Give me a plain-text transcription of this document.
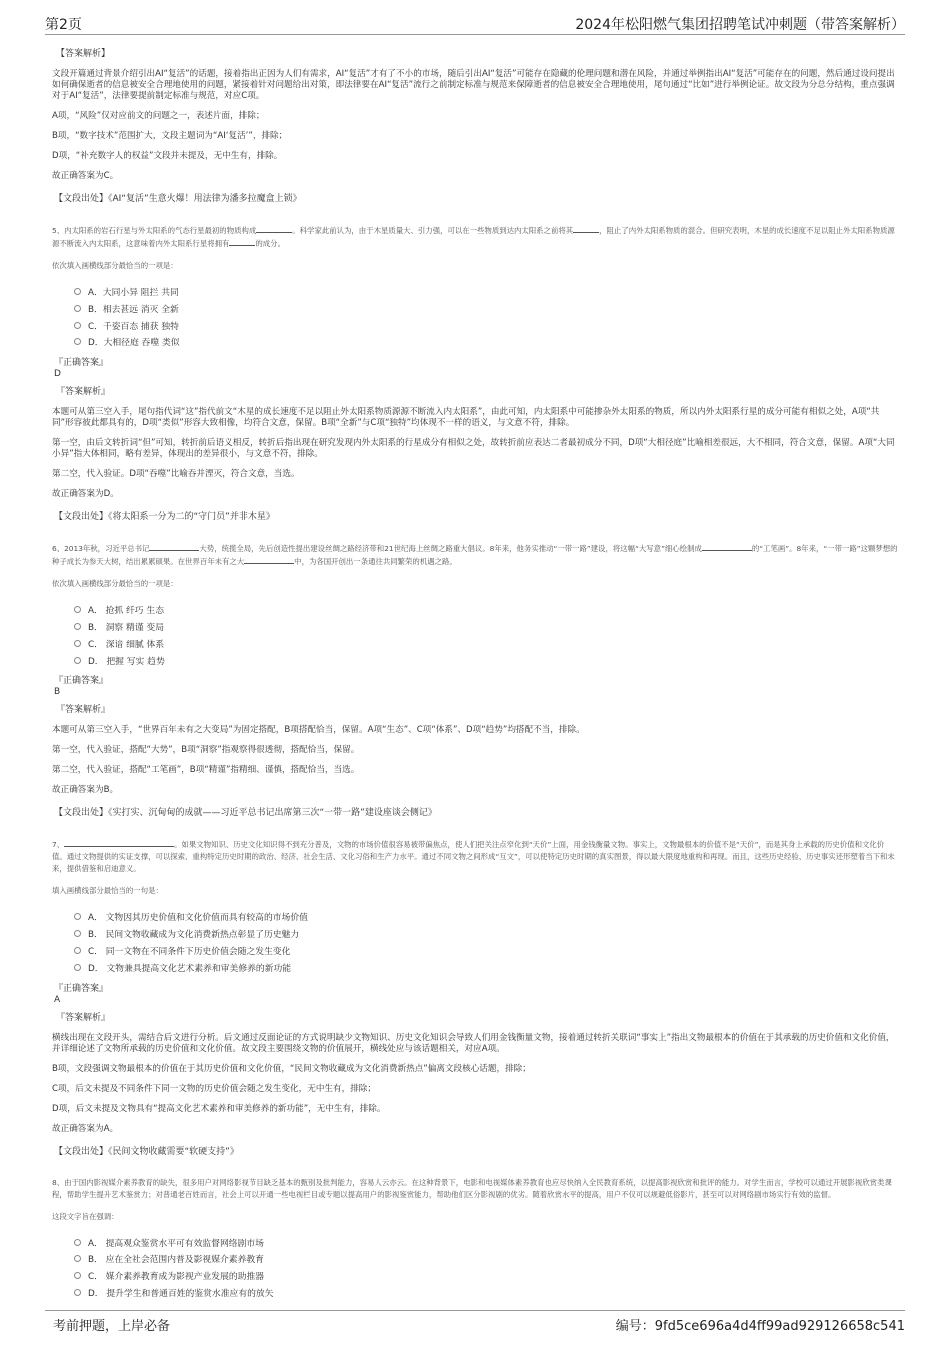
第2页	2024年松阳燃气集团招聘笔试冲刺题（带答案解析）
【答案解析】
文段开篇通过背景介绍引出AI“复活”的话题，接着指出正因为人们有需求，AI“复活”才有了不小的市场，随后引出AI“复活”可能存在隐藏的伦理问题和潜在风险，并通过举例指出AI“复活”可能存在的问题，然后通过设问提出如何确保逝者的信息被安全合理地使用的问题，紧接着针对问题给出对策，即法律要在AI“复活”流行之前制定标准与规范来保障逝者的信息被安全合理地使用，尾句通过“比如”进行举例论证。故文段为分总分结构，重点强调对于AI“复活”，法律要提前制定标准与规范，对应C项。
A项，“风险”仅对应前文的问题之一，表述片面，排除；
B项，“数字技术”范围扩大，文段主题词为“AI‘复活’”，排除；
D项，“补充数字人的权益”文段并未提及，无中生有，排除。
故正确答案为C。
【文段出处】《AI“复活”生意火爆！用法律为潘多拉魔盒上锁》
5、内太阳系的岩石行星与外太阳系的气态行星最初的物质构成	。科学家此前认为，由于木星质量大、引力强，可以在一些物质到达内太阳系之前将其	，阻止了内外太阳系物质的混合。但研究表明，木星的成长速度不足以阻止外太阳系物质源源不断流入内太阳系，这意味着内外太阳系行星将拥有	的成分。
依次填入画横线部分最恰当的一项是：
A．大同小异 阻拦 共同
B．相去甚远 消灭 全新
C．千姿百态 捕获 独特
D．大相径庭 吞噬 类似
『正确答案』
D
『答案解析』
本题可从第三空入手，尾句指代词“这”指代前文“木星的成长速度不足以阻止外太阳系物质源源不断流入内太阳系”，由此可知，内太阳系中可能掺杂外太阳系的物质，所以内外太阳系行星的成分可能有相似之处，A项“共同”形容彼此都具有的，D项“类似”形容大致相像，均符合文意，保留。B项“全新”与C项“独特”均体现不一样的语义，与文意不符，排除。
第一空，由后文转折词“但”可知，转折前后语义相反，转折后指出现在研究发现内外太阳系的行星成分有相似之处，故转折前应表达二者最初成分不同，D项“大相径庭”比喻相差很远，大不相同，符合文意，保留。A项“大同小异”指大体相同，略有差异，体现出的差异很小，与文意不符，排除。
第二空，代入验证。D项“吞噬”比喻吞并湮灭，符合文意，当选。
故正确答案为D。
【文段出处】《将太阳系一分为二的“守门员”并非木星》
6、2013年秋，习近平总书记	大势，统揽全局，先后创造性提出建设丝绸之路经济带和21世纪海上丝绸之路重大倡议。8年来，他务实推动“一带一路”建设，将这幅“大写意”细心绘制成	的“工笔画”。8年来，“一带一路”这颗梦想的种子成长为参天大树，结出累累硕果。在世界百年未有之大	中，为各国开创出一条通往共同繁荣的机遇之路。
依次填入画横线部分最恰当的一项是：
A． 抢抓 纤巧 生态
B． 洞察 精谨 变局
C． 深谙 细腻 体系
D． 把握 写实 趋势
『正确答案』
B
『答案解析』
本题可从第三空入手，“世界百年未有之大变局”为固定搭配，B项搭配恰当，保留。A项“生态”、C项“体系”、D项“趋势”均搭配不当，排除。
第一空，代入验证，搭配“大势”，B项“洞察”指观察得很透彻，搭配恰当，保留。
第二空，代入验证，搭配“工笔画”，B项“精谨”指精细、谨慎，搭配恰当，当选。
故正确答案为B。
【文段出处】《实打实、沉甸甸的成就——习近平总书记出席第三次“一带一路”建设座谈会侧记》
7、	。如果文物知识、历史文化知识得不到充分普及，文物的市场价值很容易被带偏焦点，使人们把关注点窄化到“天价”上面，用金钱衡量文物。事实上，文物最根本的价值不是“天价”，而是其身上承载的历史价值和文化价值。通过文物提供的实证支撑，可以探索、重构特定历史时期的政治、经济、社会生活、文化习俗和生产力水平。通过不同文物之间形成“互文”，可以使特定历史时期的真实图景，得以最大限度地重构和再现。而且，这些历史经验、历史事实还形塑着当下和未来，提供借鉴和启迪意义。
填入画横线部分最恰当的一句是：
A． 文物因其历史价值和文化价值而具有较高的市场价值
B． 民间文物收藏成为文化消费新热点彰显了历史魅力
C． 同一文物在不同条件下历史价值会随之发生变化
D． 文物兼具提高文化艺术素养和审美修养的新功能
『正确答案』
A
『答案解析』
横线出现在文段开头，需结合后文进行分析。后文通过反面论证的方式说明缺少文物知识、历史文化知识会导致人们用金钱衡量文物，接着通过转折关联词“事实上”指出文物最根本的价值在于其承载的历史价值和文化价值，并详细论述了文物所承载的历史价值和文化价值。故文段主要围绕文物的价值展开，横线处应与该话题相关，对应A项。
B项，文段强调文物最根本的价值在于其历史价值和文化价值，“民间文物收藏成为文化消费新热点”偏离文段核心话题，排除；
C项，后文未提及不同条件下同一文物的历史价值会随之发生变化，无中生有，排除；
D项，后文未提及文物具有“提高文化艺术素养和审美修养的新功能”，无中生有，排除。
故正确答案为A。
【文段出处】《民间文物收藏需要“软硬支持”》
8、由于国内影视媒介素养教育的缺失，很多用户对网络影视节目缺乏基本的甄别及批判能力，容易人云亦云。在这种背景下，电影和电视媒体素养教育也应尽快纳入全民教育系统，以提高影视欣赏和批评的能力。对学生而言，学校可以通过开展影视欣赏类课程，帮助学生提升艺术鉴赏力；对普通老百姓而言，社会上可以开通一些电视栏目或专题以提高用户的影视鉴赏能力，帮助他们区分影视剧的优劣。随着欣赏水平的提高，用户不仅可以规避低俗影片，甚至可以对网络剧市场实行有效的监督。
这段文字旨在强调：
A． 提高观众鉴赏水平可有效监督网络剧市场
B． 应在全社会范围内普及影视媒介素养教育
C． 媒介素养教育成为影视产业发展的助推器
D． 提升学生和普通百姓的鉴赏水准应有的放矢
考前押题，上岸必备	编号：9fd5ce696a4d4ff99ad929126658c541
